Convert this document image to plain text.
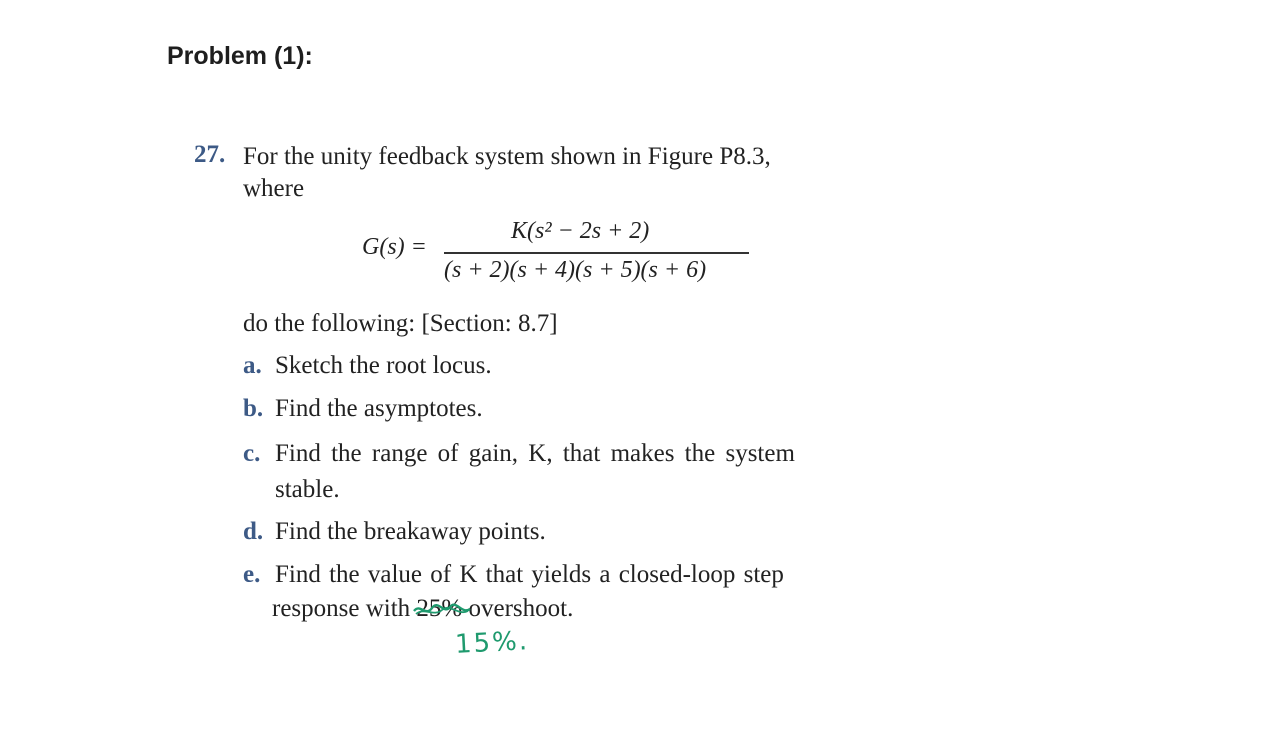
Problem (1):
27. For the unity feedback system shown in Figure P8.3,
where
G(s) =
K(s² − 2s + 2)
(s + 2)(s + 4)(s + 5)(s + 6)
do the following: [Section: 8.7]
a. Sketch the root locus.
b. Find the asymptotes.
c. Find the range of gain, K, that makes the system
stable.
d. Find the breakaway points.
e. Find the value of K that yields a closed-loop step
response with 25% overshoot.
15%.
